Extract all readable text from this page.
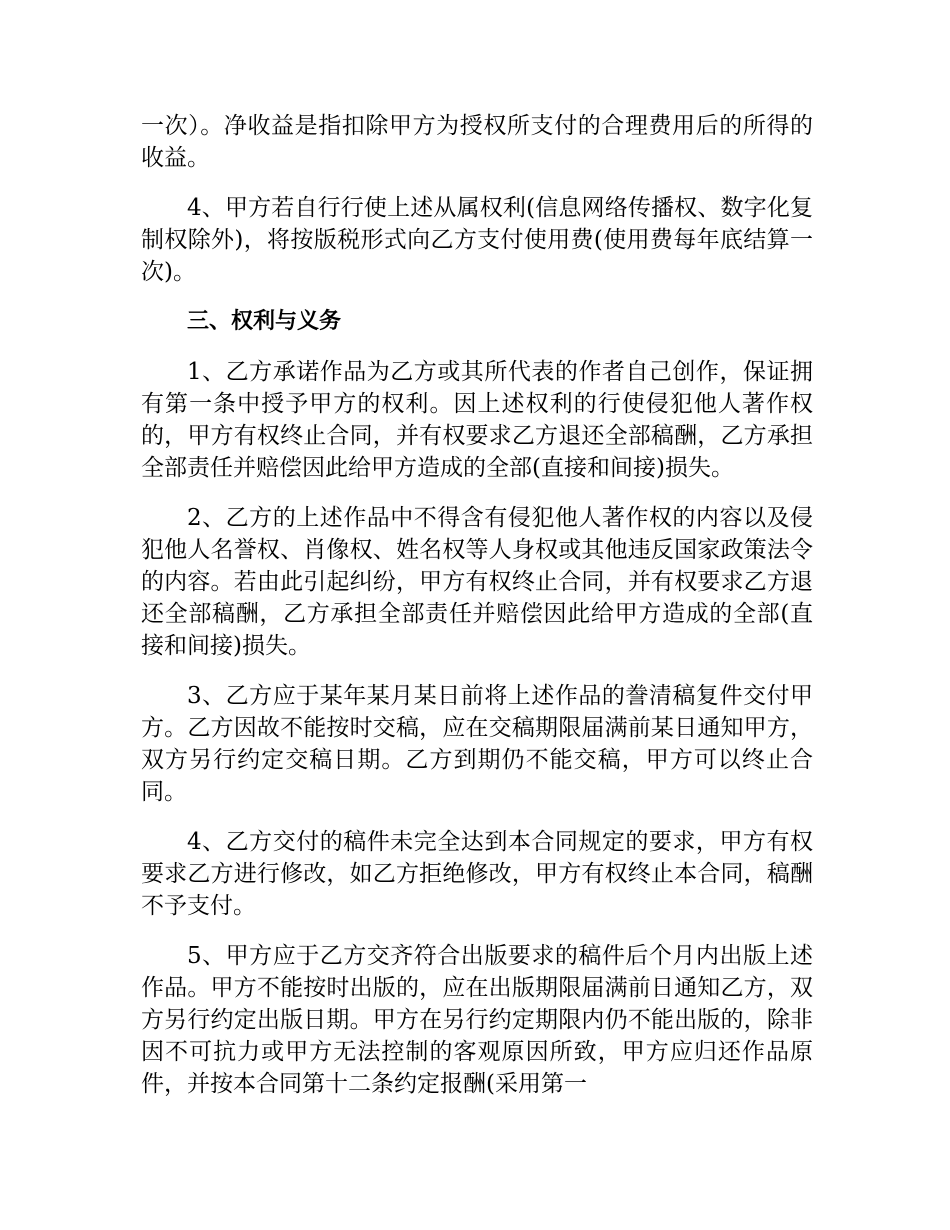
一次）。净收益是指扣除甲方为授权所支付的合理费用后的所得的收益。

4、甲方若自行行使上述从属权利(信息网络传播权、数字化复制权除外)，将按版税形式向乙方支付使用费(使用费每年底结算一次)。

三、权利与义务

1、乙方承诺作品为乙方或其所代表的作者自己创作，保证拥有第一条中授予甲方的权利。因上述权利的行使侵犯他人著作权的，甲方有权终止合同，并有权要求乙方退还全部稿酬，乙方承担全部责任并赔偿因此给甲方造成的全部(直接和间接)损失。

2、乙方的上述作品中不得含有侵犯他人著作权的内容以及侵犯他人名誉权、肖像权、姓名权等人身权或其他违反国家政策法令的内容。若由此引起纠纷，甲方有权终止合同，并有权要求乙方退还全部稿酬，乙方承担全部责任并赔偿因此给甲方造成的全部(直接和间接)损失。

3、乙方应于某年某月某日前将上述作品的誊清稿复件交付甲方。乙方因故不能按时交稿，应在交稿期限届满前某日通知甲方，双方另行约定交稿日期。乙方到期仍不能交稿，甲方可以终止合同。

4、乙方交付的稿件未完全达到本合同规定的要求，甲方有权要求乙方进行修改，如乙方拒绝修改，甲方有权终止本合同，稿酬不予支付。

5、甲方应于乙方交齐符合出版要求的稿件后个月内出版上述作品。甲方不能按时出版的，应在出版期限届满前日通知乙方，双方另行约定出版日期。甲方在另行约定期限内仍不能出版的，除非因不可抗力或甲方无法控制的客观原因所致，甲方应归还作品原件，并按本合同第十二条约定报酬(采用第一
